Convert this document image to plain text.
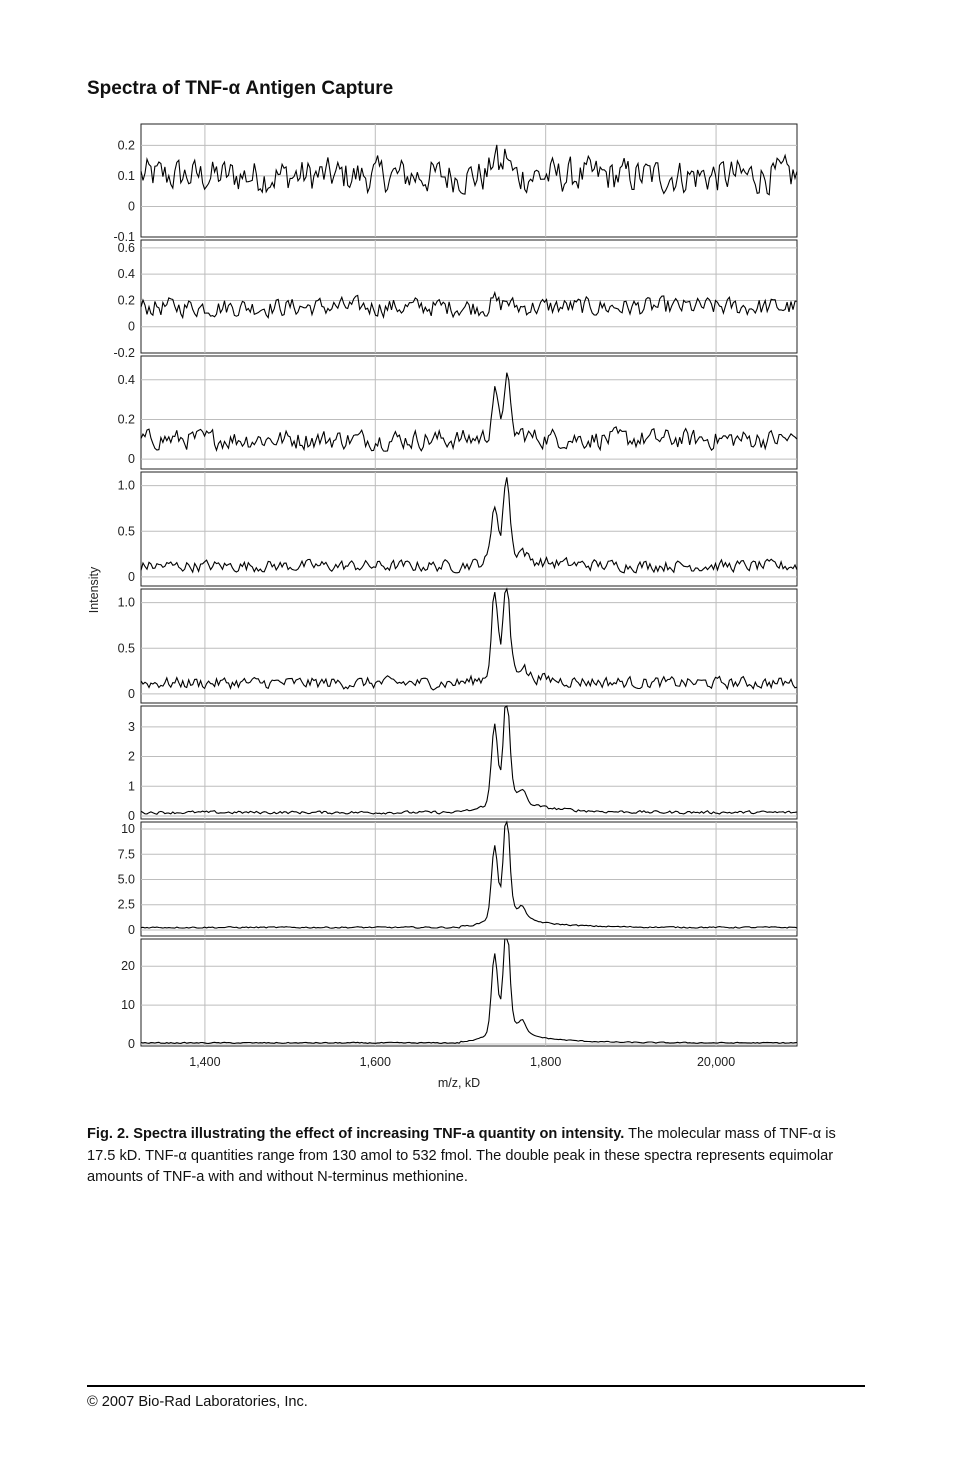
Spectra of TNF-α Antigen Capture
0.2
0.1
0
-0.1
0.6
0.4
0.2
0
-0.2
0.4
0.2
0
1.0
0.5
0
1.0
0.5
0
3
2
1
0
10
7.5
5.0
2.5
0
20
10
0
1,400	1,600	1,800	20,000
m/z, kD
Intensity
Fig. 2. Spectra illustrating the effect of increasing TNF-a quantity on intensity. The molecular mass of TNF-α is 17.5 kD. TNF-α quantities range from 130 amol to 532 fmol. The double peak in these spectra represents equimolar amounts of TNF-a with and without N-terminus methionine.
© 2007 Bio-Rad Laboratories, Inc.
